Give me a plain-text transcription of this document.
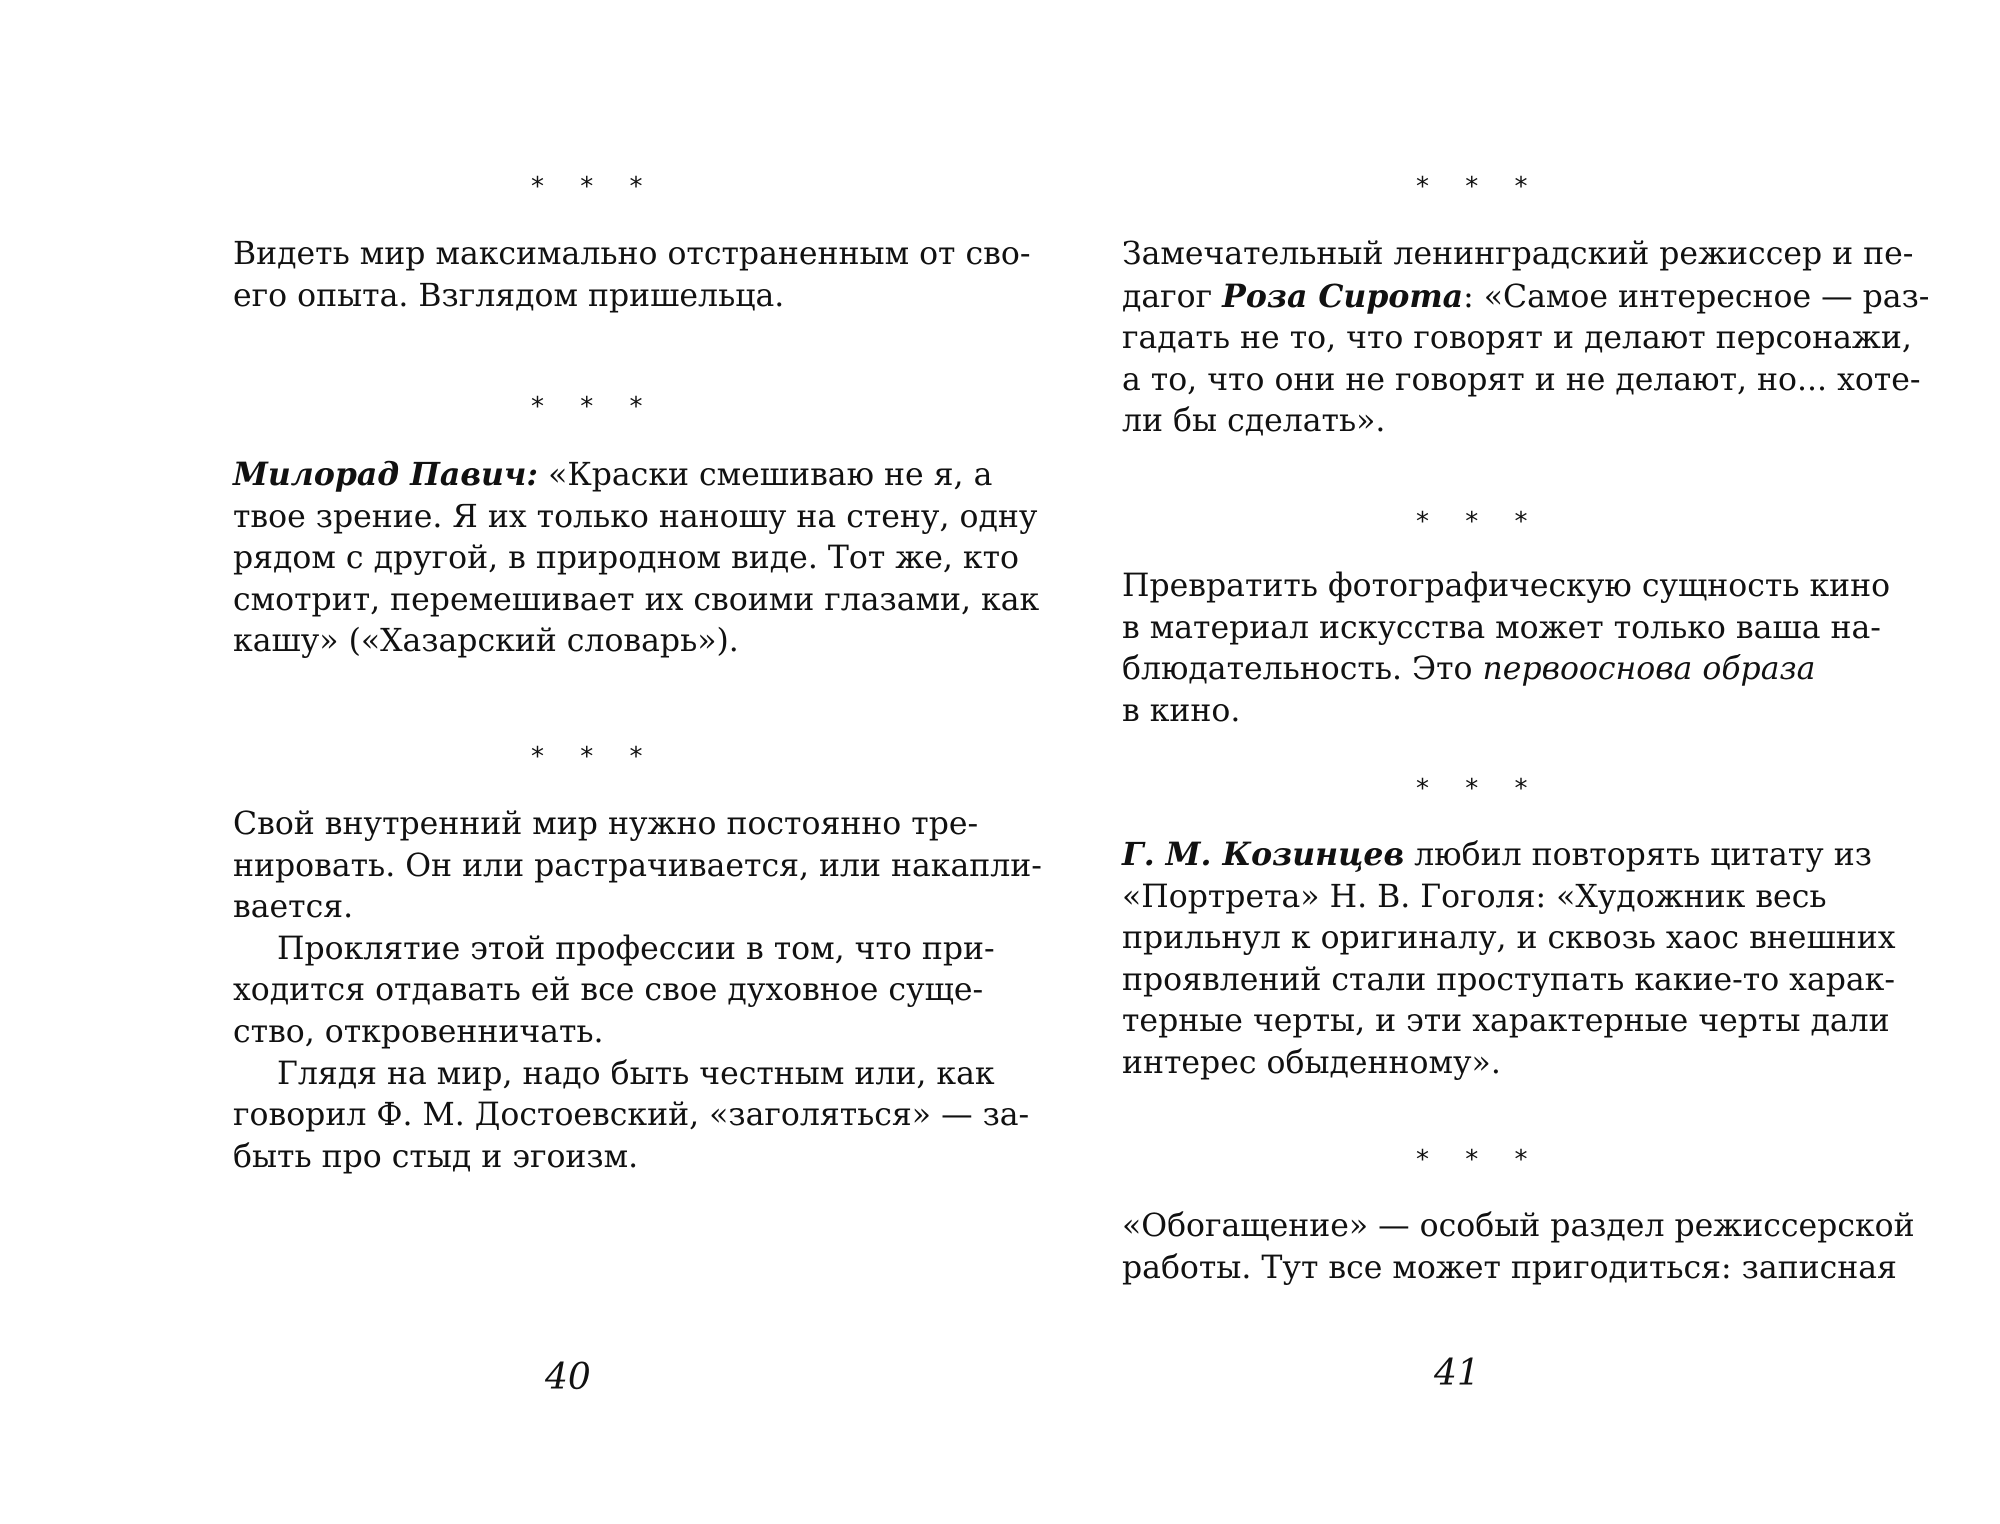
* * *
Видеть мир максимально отстраненным от сво-
его опыта. Взглядом пришельца.
* * *
Милорад Павич: «Краски смешиваю не я, а
твое зрение. Я их только наношу на стену, одну
рядом с другой, в природном виде. Тот же, кто
смотрит, перемешивает их своими глазами, как
кашу» («Хазарский словарь»).
* * *
Свой внутренний мир нужно постоянно тре-
нировать. Он или растрачивается, или накапли-
вается.
Проклятие этой профессии в том, что при-
ходится отдавать ей все свое духовное суще-
ство, откровенничать.
Глядя на мир, надо быть честным или, как
говорил Ф. М. Достоевский, «заголяться» — за-
быть про стыд и эгоизм.
40
* * *
Замечательный ленинградский режиссер и пе-
дагог Роза Сирота: «Самое интересное — раз-
гадать не то, что говорят и делают персонажи,
а то, что они не говорят и не делают, но... хоте-
ли бы сделать».
* * *
Превратить фотографическую сущность кино
в материал искусства может только ваша на-
блюдательность. Это первооснова образа
в кино.
* * *
Г. М. Козинцев любил повторять цитату из
«Портрета» Н. В. Гоголя: «Художник весь
прильнул к оригиналу, и сквозь хаос внешних
проявлений стали проступать какие-то харак-
терные черты, и эти характерные черты дали
интерес обыденному».
* * *
«Обогащение» — особый раздел режиссерской
работы. Тут все может пригодиться: записная
41
